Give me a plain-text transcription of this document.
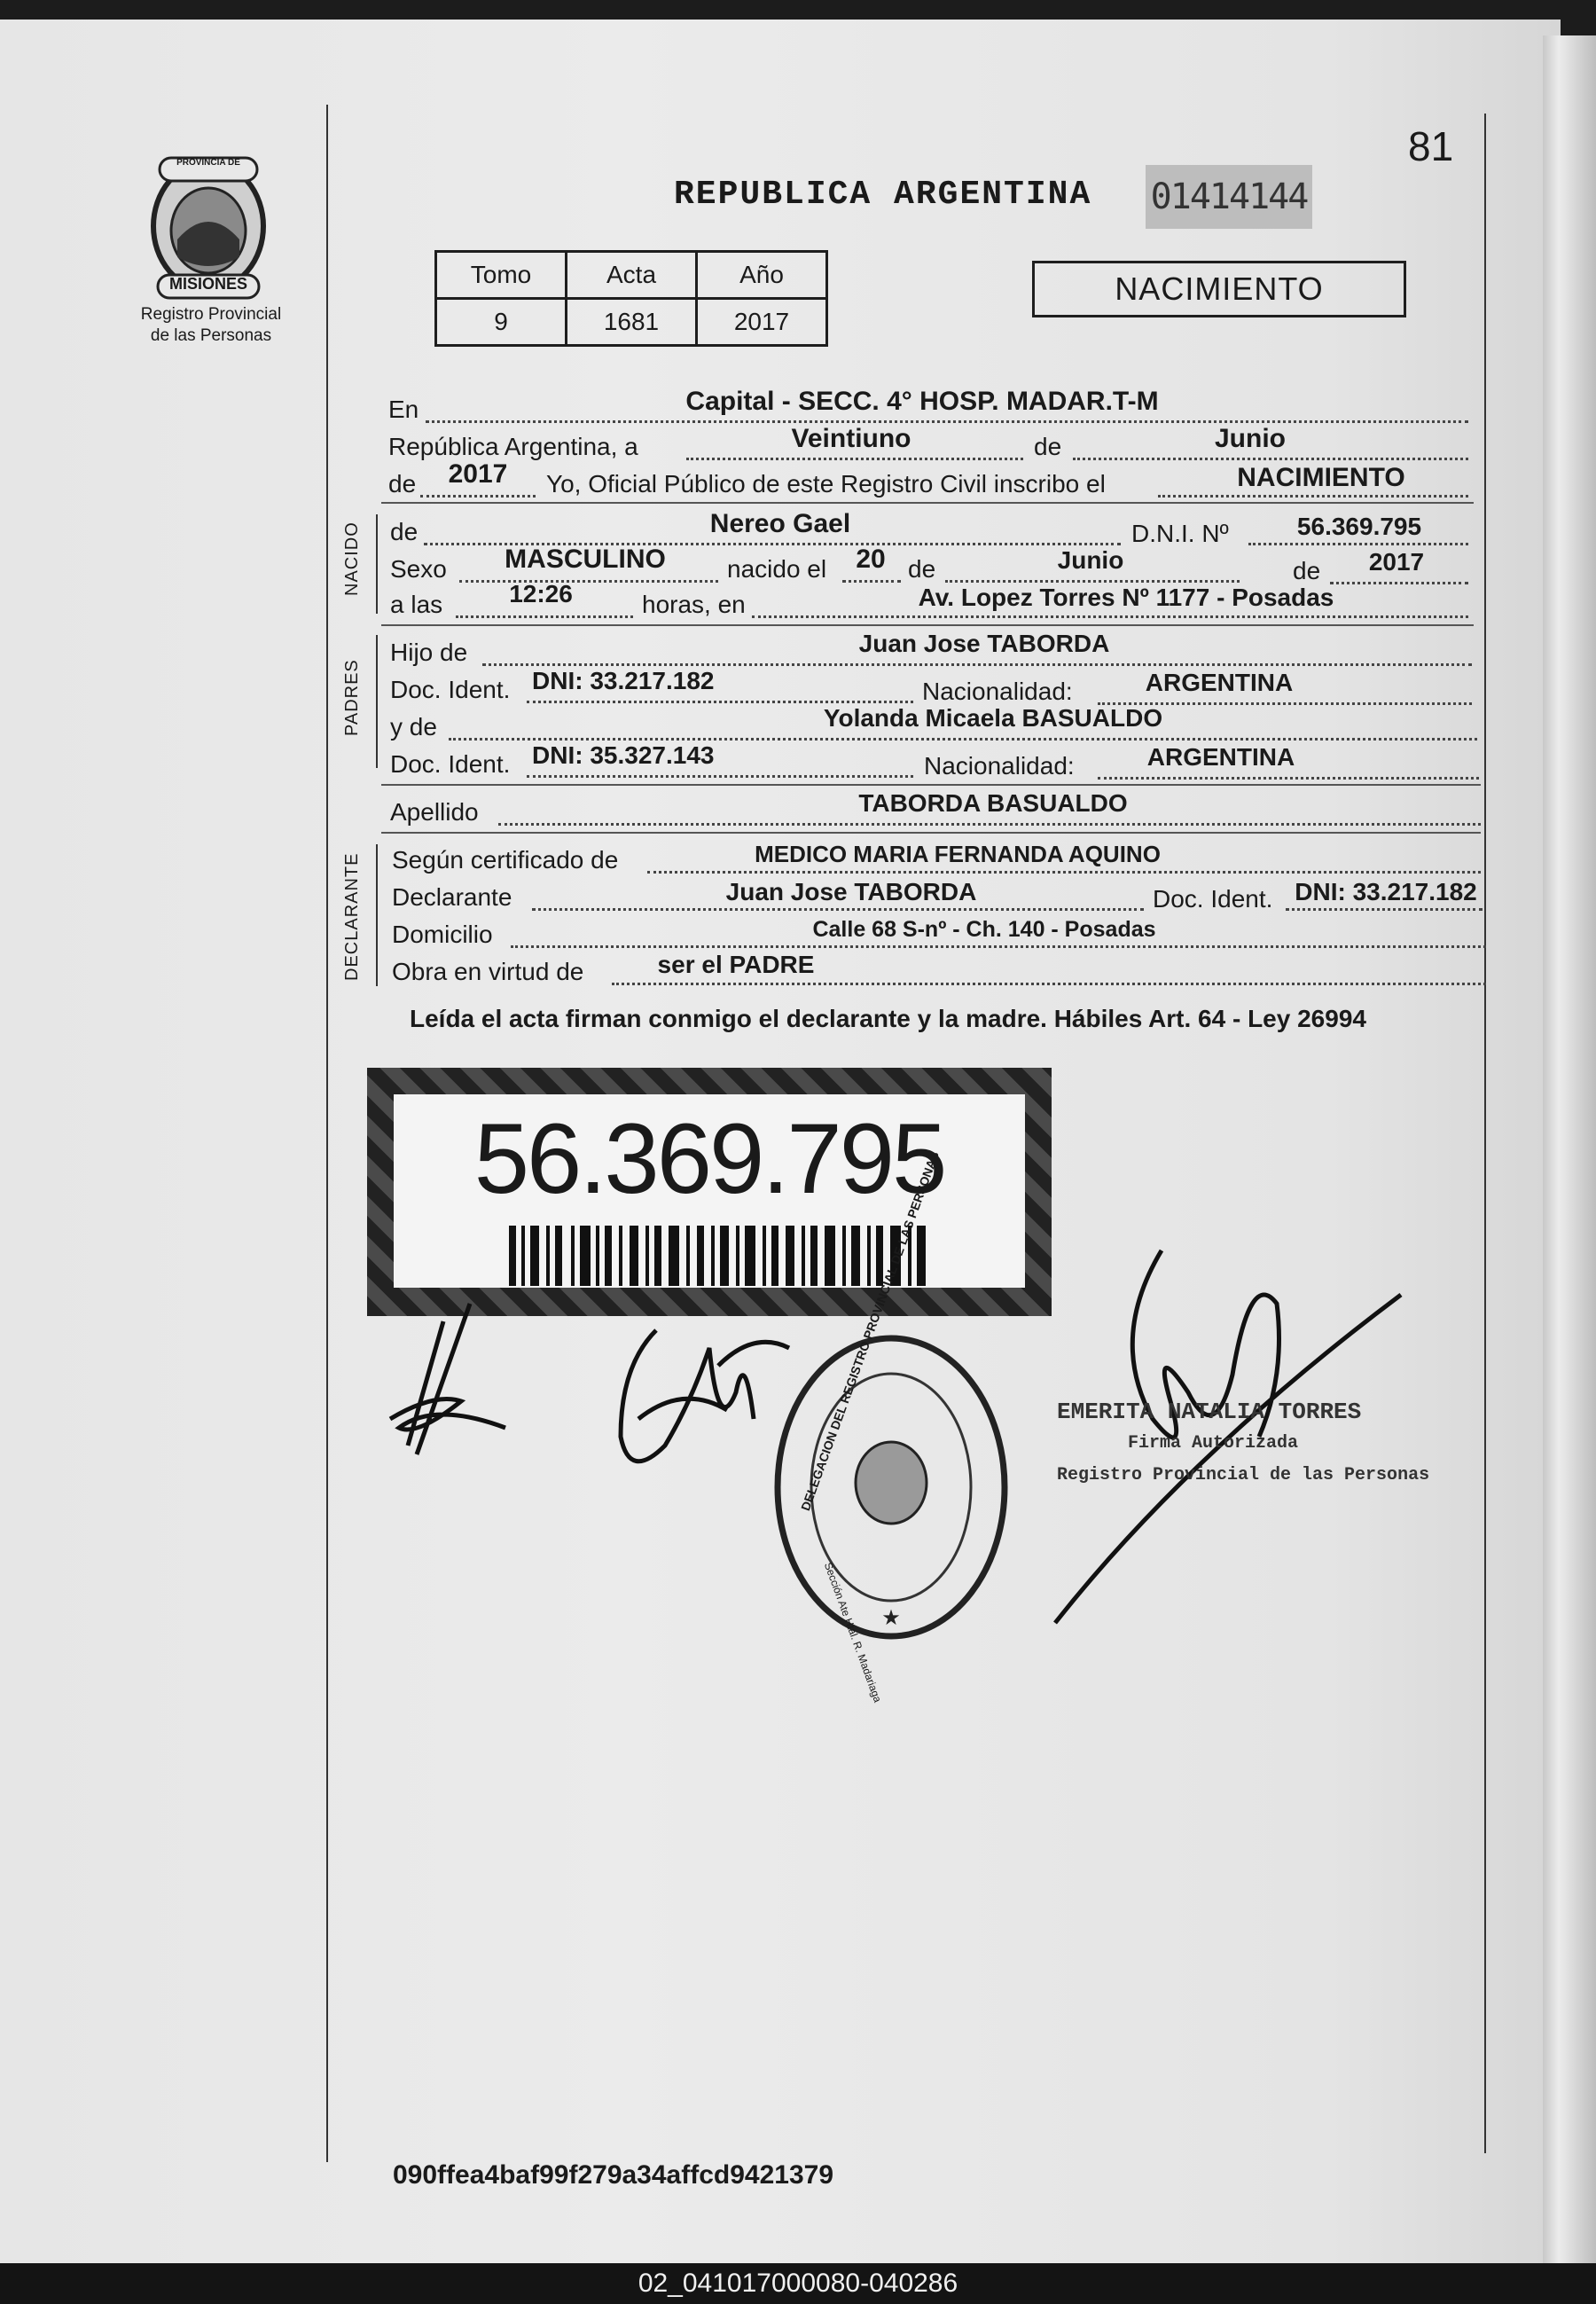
PROVINCIA DE
MISIONES
Registro Provincial
de las Personas
81
REPUBLICA ARGENTINA 01414144
Tomo	Acta	Año
9	1681	2017
NACIMIENTO
En	Capital - SECC. 4° HOSP. MADAR.T-M
República Argentina, a	Veintiuno	de	Junio
de	2017	Yo, Oficial Público de este Registro Civil inscribo el	NACIMIENTO
NACIDO de	Nereo Gael	D.N.I. Nº	56.369.795
Sexo	MASCULINO	nacido el	20 de	Junio	de	2017
a las	12:26	horas, en	Av. Lopez Torres Nº 1177 - Posadas
PADRES
Hijo de	Juan Jose TABORDA
Doc. Ident. DNI: 33.217.182	Nacionalidad:	ARGENTINA
y de	Yolanda Micaela BASUALDO
Doc. Ident. DNI: 35.327.143	Nacionalidad:	ARGENTINA
Apellido	TABORDA BASUALDO
DECLARANTE Según certificado de	MEDICO MARIA FERNANDA AQUINO
Declarante	Juan Jose TABORDA	Doc. Ident. DNI: 33.217.182
Domicilio	Calle 68 S-nº - Ch. 140 - Posadas
Obra en virtud de	ser el PADRE
Leída el acta firman conmigo el declarante y la madre. Hábiles Art. 64 - Ley 26994
56.369.795
★
Sección Ate Htal. R. Madariaga
EMERITA NATALIA TORRES
Firma Autorizada
Registro Provincial de las Personas
090ffea4baf99f279a34affcd9421379
02_041017000080-040286
